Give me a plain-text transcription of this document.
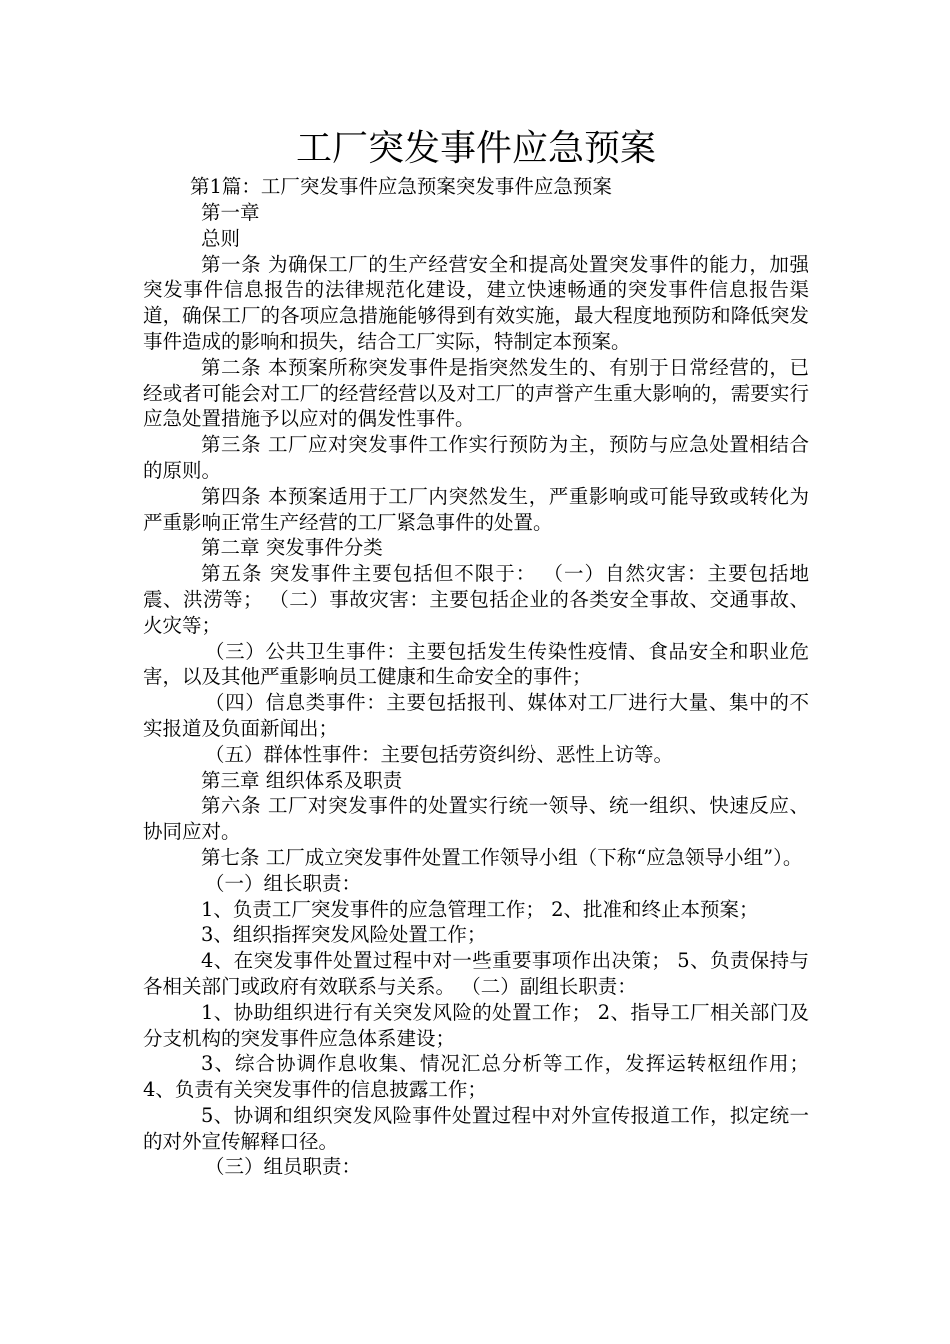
工厂突发事件应急预案

第1篇：工厂突发事件应急预案突发事件应急预案

第一章

总则

第一条 为确保工厂的生产经营安全和提高处置突发事件的能力，加强突发事件信息报告的法律规范化建设，建立快速畅通的突发事件信息报告渠道，确保工厂的各项应急措施能够得到有效实施，最大程度地预防和降低突发事件造成的影响和损失，结合工厂实际，特制定本预案。

第二条 本预案所称突发事件是指突然发生的、有别于日常经营的，已经或者可能会对工厂的经营经营以及对工厂的声誉产生重大影响的，需要实行应急处置措施予以应对的偶发性事件。

第三条 工厂应对突发事件工作实行预防为主，预防与应急处置相结合的原则。

第四条 本预案适用于工厂内突然发生，严重影响或可能导致或转化为严重影响正常生产经营的工厂紧急事件的处置。

第二章 突发事件分类

第五条 突发事件主要包括但不限于： （一）自然灾害：主要包括地震、洪涝等； （二）事故灾害：主要包括企业的各类安全事故、交通事故、火灾等；

（三）公共卫生事件：主要包括发生传染性疫情、食品安全和职业危害，以及其他严重影响员工健康和生命安全的事件；

（四）信息类事件：主要包括报刊、媒体对工厂进行大量、集中的不实报道及负面新闻出；

（五）群体性事件：主要包括劳资纠纷、恶性上访等。

第三章 组织体系及职责

第六条 工厂对突发事件的处置实行统一领导、统一组织、快速反应、协同应对。

第七条 工厂成立突发事件处置工作领导小组（下称“应急领导小组”）。

（一）组长职责：

1、负责工厂突发事件的应急管理工作； 2、批准和终止本预案；

3、组织指挥突发风险处置工作；

4、在突发事件处置过程中对一些重要事项作出决策； 5、负责保持与各相关部门或政府有效联系与关系。 （二）副组长职责：

1、协助组织进行有关突发风险的处置工作； 2、指导工厂相关部门及分支机构的突发事件应急体系建设；

3、综合协调作息收集、情况汇总分析等工作，发挥运转枢纽作用； 4、负责有关突发事件的信息披露工作；

5、协调和组织突发风险事件处置过程中对外宣传报道工作，拟定统一的对外宣传解释口径。

（三）组员职责：
